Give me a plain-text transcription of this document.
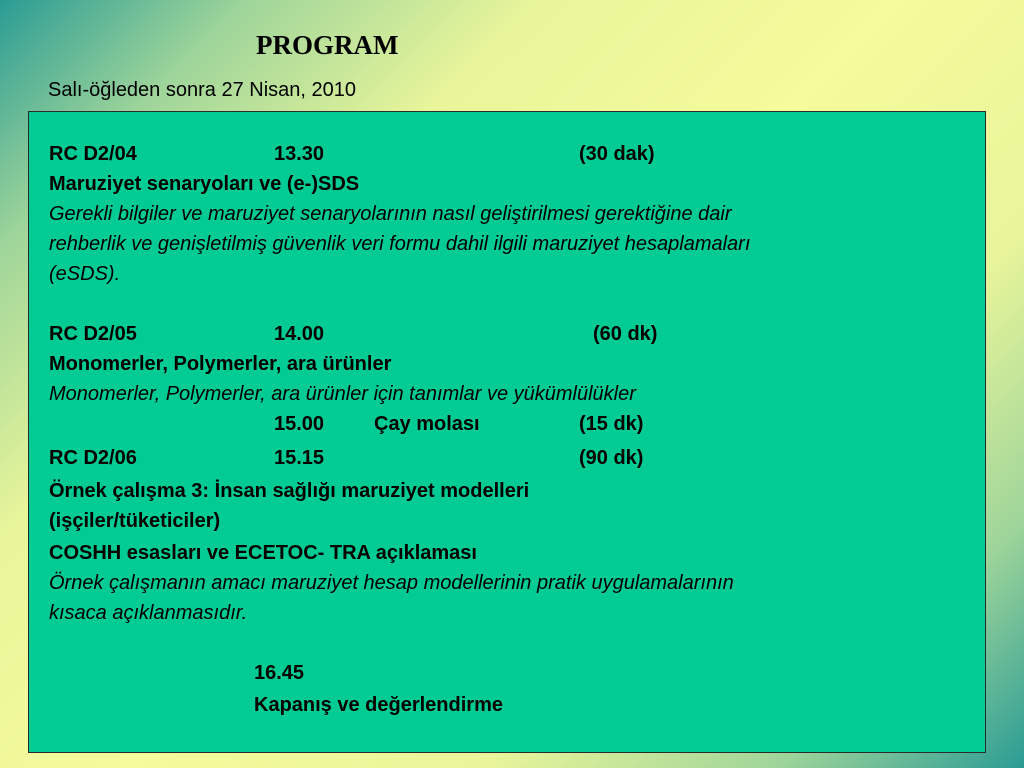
PROGRAM
Salı-öğleden sonra 27 Nisan, 2010
RC D2/04	13.30	(30 dak)
Maruziyet senaryoları ve (e-)SDS
Gerekli bilgiler ve maruziyet senaryolarının nasıl geliştirilmesi gerektiğine dair
rehberlik ve genişletilmiş güvenlik veri formu dahil ilgili maruziyet hesaplamaları
(eSDS).
RC D2/05	14.00	(60 dk)
Monomerler, Polymerler, ara ürünler
Monomerler, Polymerler, ara ürünler için tanımlar ve yükümlülükler
15.00 Çay molası	(15 dk)
RC D2/06	15.15	(90 dk)
Örnek çalışma 3: İnsan sağlığı maruziyet modelleri
(işçiler/tüketiciler)
COSHH esasları ve ECETOC- TRA açıklaması
Örnek çalışmanın amacı maruziyet hesap modellerinin pratik uygulamalarının
kısaca açıklanmasıdır.
16.45
Kapanış ve değerlendirme
